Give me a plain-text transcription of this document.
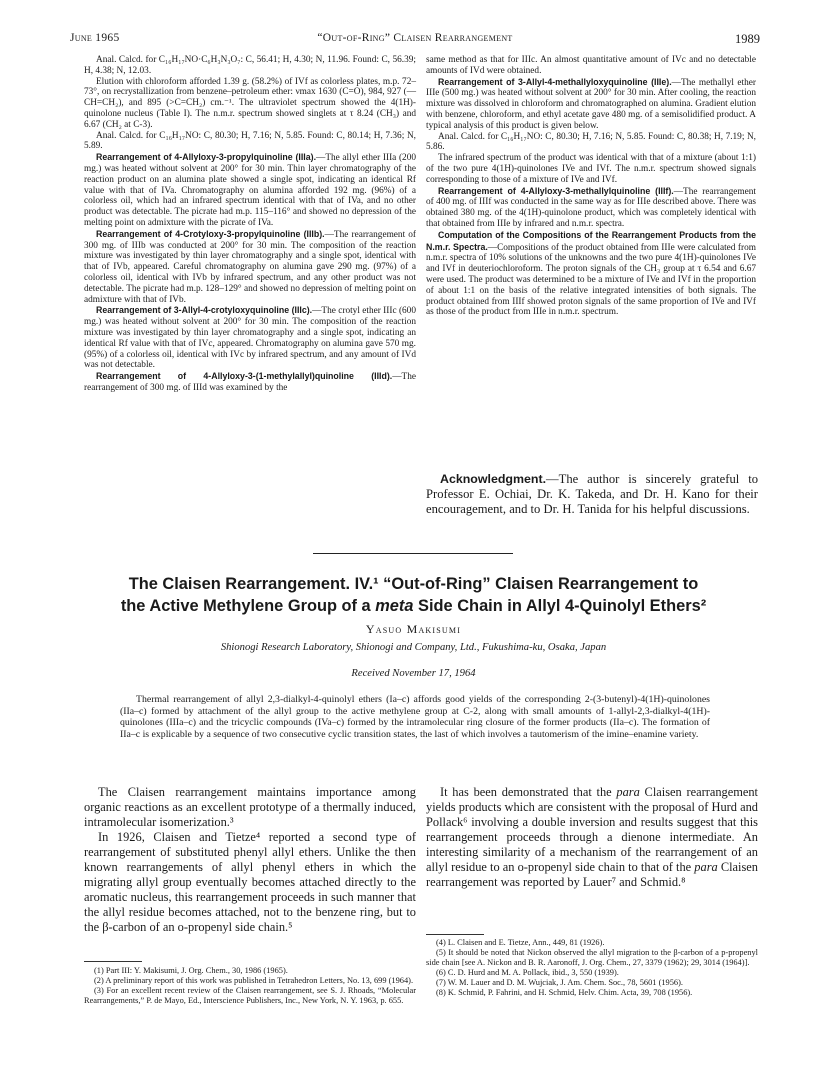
June 1965	“Out-of-Ring” Claisen Rearrangement	1989

Anal. Calcd. for C₁₆H₁₇NO·C₆H₃N₃O₇: C, 56.41; H, 4.30; N, 11.96. Found: C, 56.39; H, 4.38; N, 12.03.

Elution with chloroform afforded 1.39 g. (58.2%) of IVf as colorless plates, m.p. 72–73°, on recrystallization from benzene–petroleum ether: νmax 1630 (C=O), 984, 927 (—CH=CH₂), and 895 (>C=CH₂) cm.⁻¹. The ultraviolet spectrum showed the 4(1H)-quinolone nucleus (Table I). The n.m.r. spectrum showed singlets at τ 8.24 (CH₃) and 6.67 (CH₂ at C-3).

Anal. Calcd. for C₁₆H₁₇NO: C, 80.30; H, 7.16; N, 5.85. Found: C, 80.14; H, 7.36; N, 5.89.

Rearrangement of 4-Allyloxy-3-propylquinoline (IIIa).—The allyl ether IIIa (200 mg.) was heated without solvent at 200° for 30 min. Thin layer chromatography of the reaction product on an alumina plate showed a single spot, indicating an identical Rf value with that of IVa. Chromatography on alumina afforded 192 mg. (96%) of a colorless oil, which had an infrared spectrum identical with that of IVa, and no other product was detectable. The picrate had m.p. 115–116° and showed no depression of the melting point on admixture with the picrate of IVa.

Rearrangement of 4-Crotyloxy-3-propylquinoline (IIIb).—The rearrangement of 300 mg. of IIIb was conducted at 200° for 30 min. The composition of the reaction mixture was investigated by thin layer chromatography and a single spot, identical with that of IVb, appeared. Careful chromatography on alumina gave 290 mg. (97%) of a colorless oil, identical with IVb by infrared spectrum, and any other product was not detectable. The picrate had m.p. 128–129° and showed no depression of melting point on admixture with that of IVb.

Rearrangement of 3-Allyl-4-crotyloxyquinoline (IIIc).—The crotyl ether IIIc (600 mg.) was heated without solvent at 200° for 30 min. The composition of the reaction mixture was investigated by thin layer chromatography and a single spot, indicating an identical Rf value with that of IVc, appeared. Chromatography on alumina gave 570 mg. (95%) of a colorless oil, identical with IVc by infrared spectrum, and any amount of IVd was not detectable.

Rearrangement of 4-Allyloxy-3-(1-methylallyl)quinoline (IIId).—The rearrangement of 300 mg. of IIId was examined by the

same method as that for IIIc. An almost quantitative amount of IVc and no detectable amounts of IVd were obtained.

Rearrangement of 3-Allyl-4-methallyloxyquinoline (IIIe).—The methallyl ether IIIe (500 mg.) was heated without solvent at 200° for 30 min. After cooling, the reaction mixture was dissolved in chloroform and chromatographed on alumina. Gradient elution with benzene, chloroform, and ethyl acetate gave 480 mg. of a semisolidified product. A typical analysis of this product is given below.

Anal. Calcd. for C₁₆H₁₇NO: C, 80.30; H, 7.16; N, 5.85. Found: C, 80.38; H, 7.19; N, 5.86.

The infrared spectrum of the product was identical with that of a mixture (about 1:1) of the two pure 4(1H)-quinolones IVe and IVf. The n.m.r. spectrum showed signals corresponding to those of a mixture of IVe and IVf.

Rearrangement of 4-Allyloxy-3-methallylquinoline (IIIf).—The rearrangement of 400 mg. of IIIf was conducted in the same way as for IIIe described above. There was obtained 380 mg. of the 4(1H)-quinolone product, which was completely identical with that obtained from IIIe by infrared and n.m.r. spectra.

Computation of the Compositions of the Rearrangement Products from the N.m.r. Spectra.—Compositions of the product obtained from IIIe were calculated from n.m.r. spectra of 10% solutions of the unknowns and the two pure 4(1H)-quinolones IVe and IVf in deuteriochloroform. The proton signals of the CH₃ group at τ 6.54 and 6.67 were used. The product was determined to be a mixture of IVe and IVf in the proportion of about 1:1 on the basis of the relative integrated intensities of both signals. The product obtained from IIIf showed proton signals of the same proportion of IVe and IVf as those of the product from IIIe in n.m.r. spectrum.

Acknowledgment.—The author is sincerely grateful to Professor E. Ochiai, Dr. K. Takeda, and Dr. H. Kano for their encouragement, and to Dr. H. Tanida for his helpful discussions.

The Claisen Rearrangement. IV.¹ “Out-of-Ring” Claisen Rearrangement to
the Active Methylene Group of a meta Side Chain in Allyl 4-Quinolyl Ethers²
Yasuo Makisumi
Shionogi Research Laboratory, Shionogi and Company, Ltd., Fukushima-ku, Osaka, Japan
Received November 17, 1964

Thermal rearrangement of allyl 2,3-dialkyl-4-quinolyl ethers (Ia–c) affords good yields of the corresponding 2-(3-butenyl)-4(1H)-quinolones (IIa–c) formed by attachment of the allyl group to the active methylene group at C-2, along with small amounts of 1-allyl-2,3-dialkyl-4(1H)-quinolones (IIIa–c) and the tricyclic compounds (IVa–c) formed by the intramolecular ring closure of the former products (IIa–c). The formation of IIa–c is explicable by a sequence of two consecutive cyclic transition states, the last of which involves a tautomerism of the imine–enamine variety.

The Claisen rearrangement maintains importance among organic reactions as an excellent prototype of a thermally induced, intramolecular isomerization.³

In 1926, Claisen and Tietze⁴ reported a second type of rearrangement of substituted phenyl allyl ethers. Unlike the then known rearrangements of allyl phenyl ethers in which the migrating allyl group eventually becomes attached directly to the aromatic nucleus, this rearrangement proceeds in such manner that the allyl residue becomes attached, not to the benzene ring, but to the β-carbon of an o-propenyl side chain.⁵

It has been demonstrated that the para Claisen rearrangement yields products which are consistent with the proposal of Hurd and Pollack⁶ involving a double inversion and results suggest that this rearrangement proceeds through a dienone intermediate. An interesting similarity of a mechanism of the rearrangement of an allyl residue to an o-propenyl side chain to that of the para Claisen rearrangement was reported by Lauer⁷ and Schmid.⁸

(1) Part III: Y. Makisumi, J. Org. Chem., 30, 1986 (1965).

(2) A preliminary report of this work was published in Tetrahedron Letters, No. 13, 699 (1964).

(3) For an excellent recent review of the Claisen rearrangement, see S. J. Rhoads, “Molecular Rearrangements,” P. de Mayo, Ed., Interscience Publishers, Inc., New York, N. Y. 1963, p. 655.

(4) L. Claisen and E. Tietze, Ann., 449, 81 (1926).

(5) It should be noted that Nickon observed the allyl migration to the β-carbon of a p-propenyl side chain [see A. Nickon and B. R. Aaronoff, J. Org. Chem., 27, 3379 (1962); 29, 3014 (1964)].

(6) C. D. Hurd and M. A. Pollack, ibid., 3, 550 (1939).

(7) W. M. Lauer and D. M. Wujciak, J. Am. Chem. Soc., 78, 5601 (1956).

(8) K. Schmid, P. Fahrini, and H. Schmid, Helv. Chim. Acta, 39, 708 (1956).
